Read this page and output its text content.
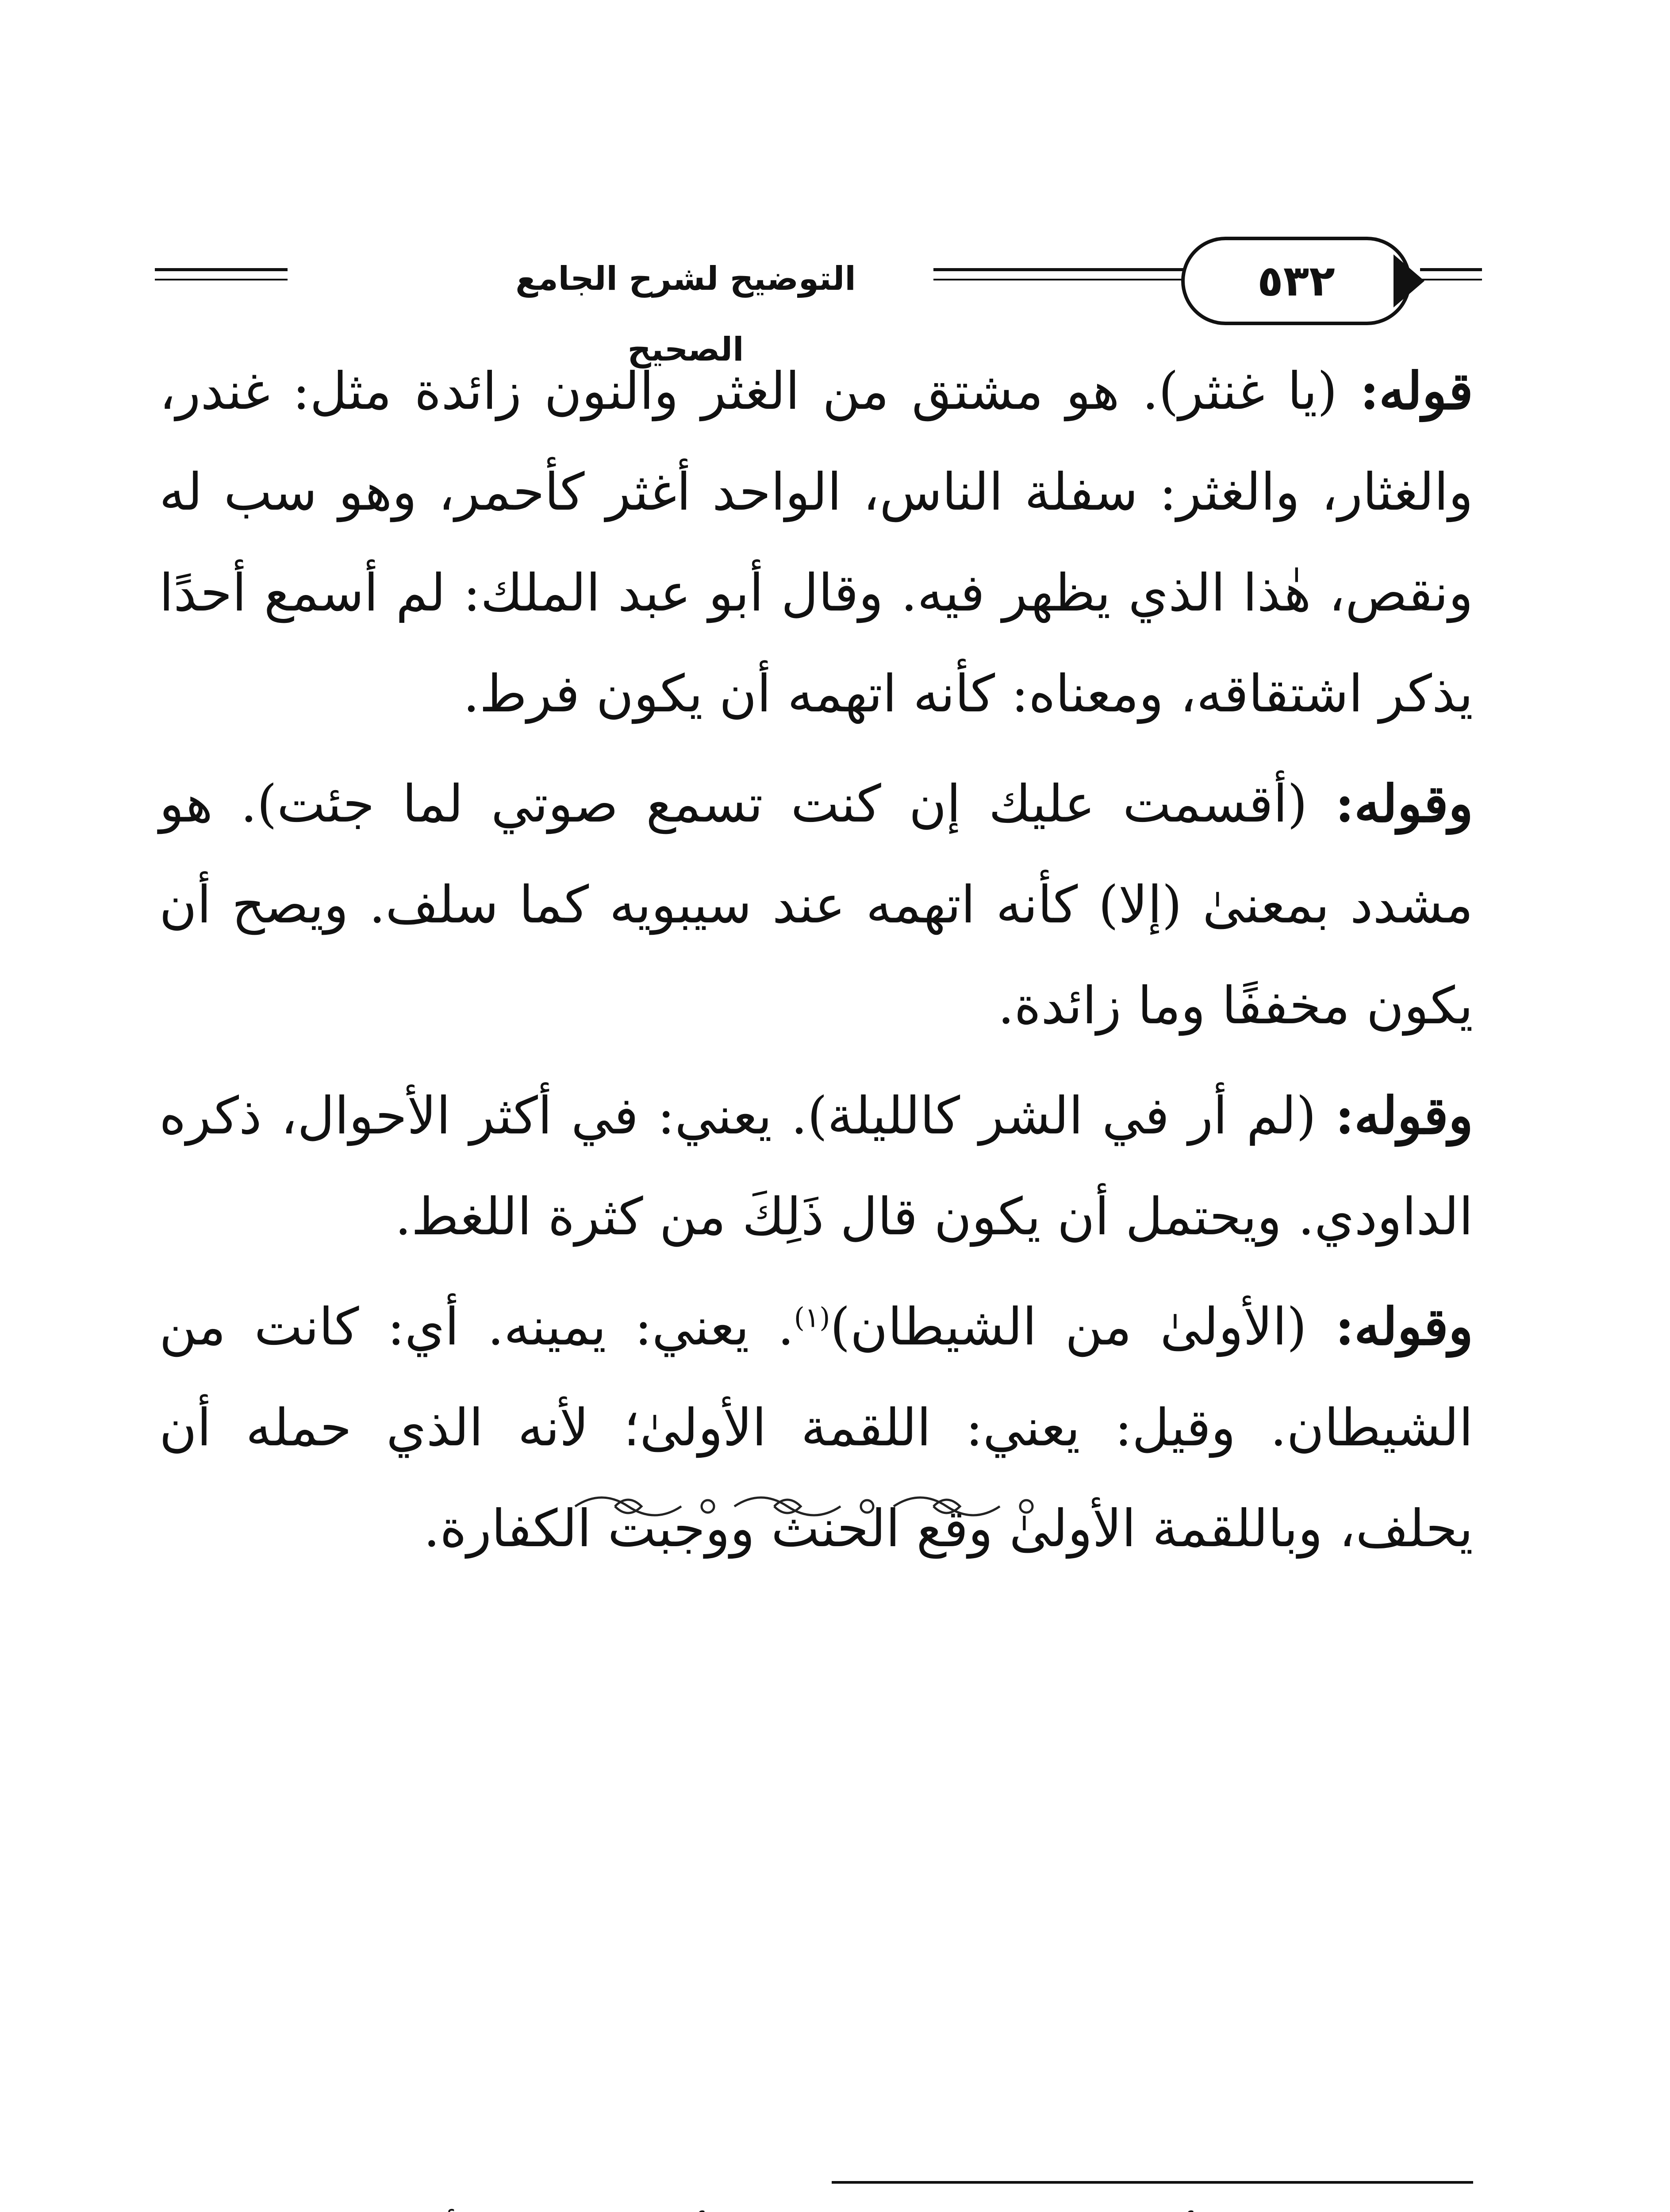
التوضيح لشرح الجامع الصحيح
٥٣٢

قوله: (يا غنثر). هو مشتق من الغثر والنون زائدة مثل: غندر، والغثار، والغثر: سفلة الناس، الواحد أغثر كأحمر، وهو سب له ونقص، هٰذا الذي يظهر فيه. وقال أبو عبد الملك: لم أسمع أحدًا يذكر اشتقاقه، ومعناه: كأنه اتهمه أن يكون فرط.

وقوله: (أقسمت عليك إن كنت تسمع صوتي لما جئت). هو مشدد بمعنىٰ (إلا) كأنه اتهمه عند سيبويه كما سلف. ويصح أن يكون مخففًا وما زائدة.

وقوله: (لم أر في الشر كالليلة). يعني: في أكثر الأحوال، ذكره الداودي. ويحتمل أن يكون قال ذَلِكَ من كثرة اللغط.

وقوله: (الأولىٰ من الشيطان)$^{(١)}$. يعني: يمينه. أي: كانت من الشيطان. وقيل: يعني: اللقمة الأولىٰ؛ لأنه الذي حمله أن يحلف، وباللقمة الأولىٰ وقع الحنث ووجبت الكفارة.
